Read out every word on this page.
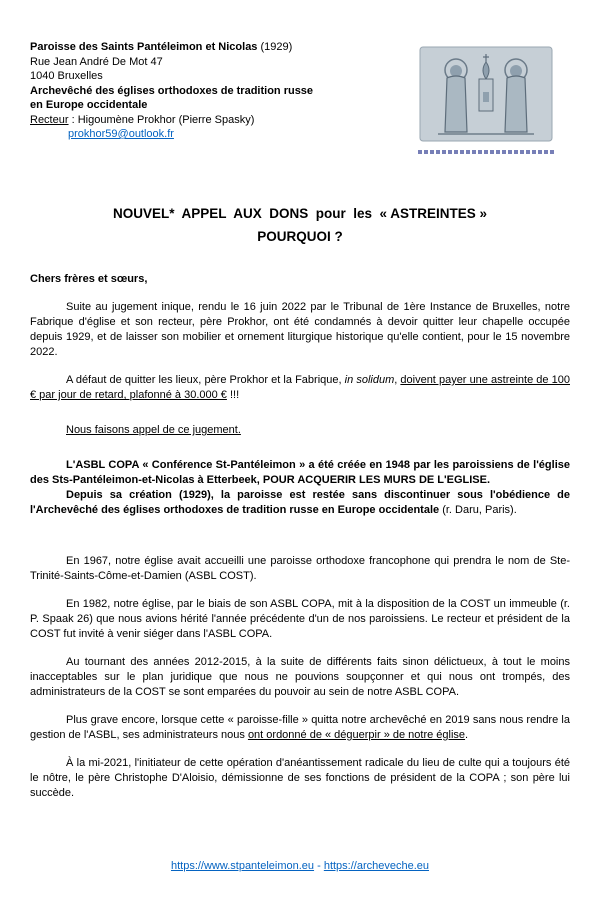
Paroisse des Saints Pantéleimon et Nicolas (1929)

Rue Jean André De Mot 47

1040 Bruxelles

Archevêché des églises orthodoxes de tradition russe

en Europe occidentale

Recteur : Higoumène Prokhor (Pierre Spasky)

prokhor59@outlook.fr

NOUVEL*  APPEL  AUX  DONS  pour  les  « ASTREINTES »

POURQUOI ?

Chers frères et sœurs,

Suite au jugement inique, rendu le 16 juin 2022 par le Tribunal de 1ère Instance de Bruxelles, notre Fabrique d'église et son recteur, père Prokhor, ont été condamnés à devoir quitter leur chapelle occupée depuis 1929, et de laisser son mobilier et ornement liturgique historique qu'elle contient, pour le 15 novembre 2022.

A défaut de quitter les lieux, père Prokhor et la Fabrique, in solidum, doivent payer une astreinte de 100 € par jour de retard, plafonné à 30.000 € !!!

Nous faisons appel de ce jugement.

L'ASBL COPA « Conférence St-Pantéleimon » a été créée en 1948 par les paroissiens de l'église des Sts-Pantéleimon-et-Nicolas à Etterbeek, POUR ACQUERIR LES MURS DE L'EGLISE.

Depuis sa création (1929), la paroisse est restée sans discontinuer sous l'obédience de l'Archevêché des églises orthodoxes de tradition russe en Europe occidentale (r. Daru, Paris).

En 1967, notre église avait accueilli une paroisse orthodoxe francophone qui prendra le nom de Ste-Trinité-Saints-Côme-et-Damien (ASBL COST).

En 1982, notre église, par le biais de son ASBL COPA, mit à la disposition de la COST un immeuble (r. P. Spaak 26) que nous avions hérité l'année précédente d'un de nos paroissiens. Le recteur et président de la COST fut invité à venir siéger dans l'ASBL COPA.

Au tournant des années 2012-2015, à la suite de différents faits sinon délictueux, à tout le moins inacceptables sur le plan juridique que nous ne pouvions soupçonner et qui nous ont trompés, des administrateurs de la COST se sont emparées du pouvoir au sein de notre ASBL COPA.

Plus grave encore, lorsque cette « paroisse-fille » quitta notre archevêché en 2019 sans nous rendre la gestion de l'ASBL, ses administrateurs nous ont ordonné de « déguerpir » de notre église.

À la mi-2021, l'initiateur de cette opération d'anéantissement radicale du lieu de culte qui a toujours été le nôtre, le père Christophe D'Aloisio, démissionne de ses fonctions de président de la COPA ; son père lui succède.

https://www.stpanteleimon.eu - https://archeveche.eu
